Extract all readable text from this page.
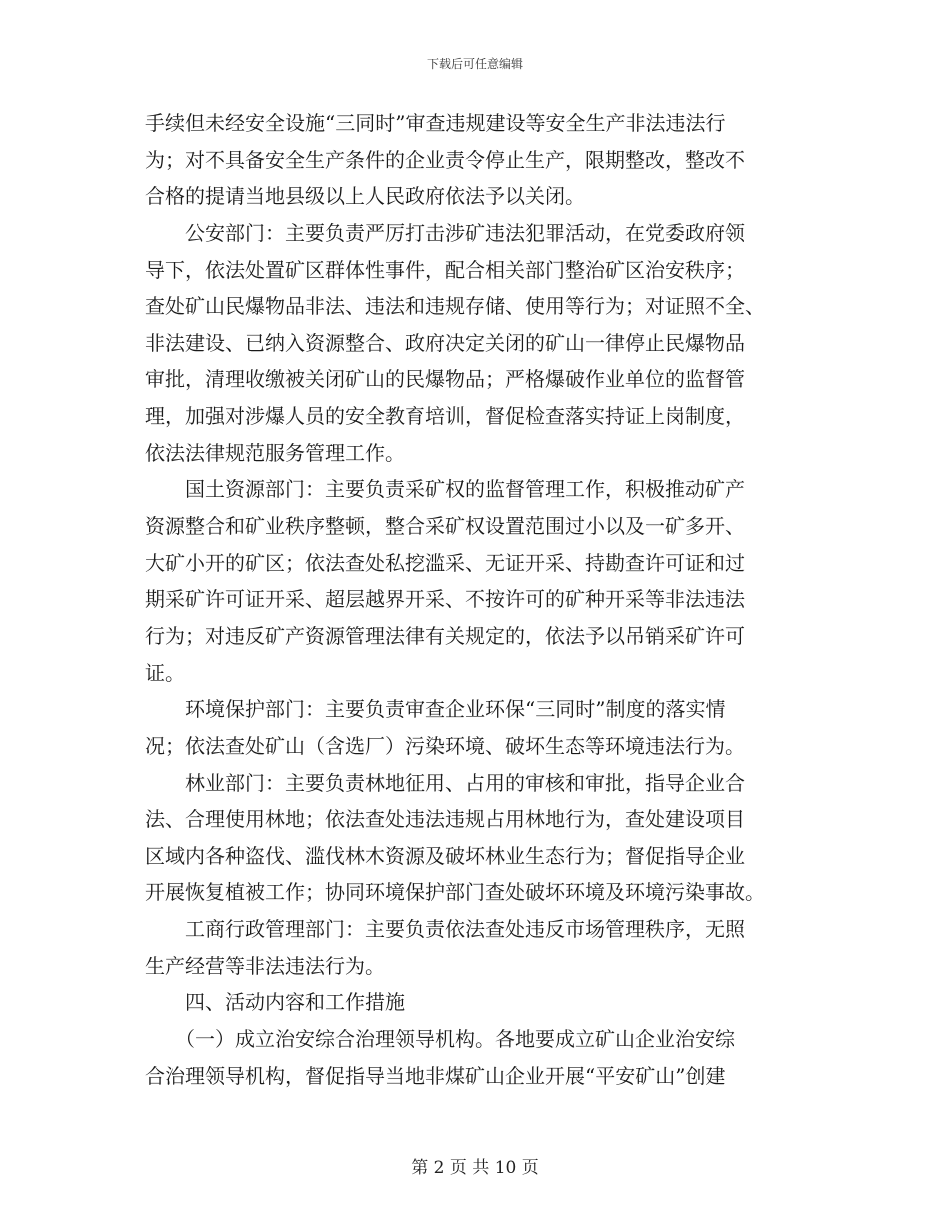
下载后可任意编辑
手续但未经安全设施“三同时”审查违规建设等安全生产非法违法行
为；对不具备安全生产条件的企业责令停止生产，限期整改，整改不
合格的提请当地县级以上人民政府依法予以关闭。
公安部门：主要负责严厉打击涉矿违法犯罪活动，在党委政府领
导下，依法处置矿区群体性事件，配合相关部门整治矿区治安秩序；
查处矿山民爆物品非法、违法和违规存储、使用等行为；对证照不全、
非法建设、已纳入资源整合、政府决定关闭的矿山一律停止民爆物品
审批，清理收缴被关闭矿山的民爆物品；严格爆破作业单位的监督管
理，加强对涉爆人员的安全教育培训，督促检查落实持证上岗制度，
依法法律规范服务管理工作。
国土资源部门：主要负责采矿权的监督管理工作，积极推动矿产
资源整合和矿业秩序整顿，整合采矿权设置范围过小以及一矿多开、
大矿小开的矿区；依法查处私挖滥采、无证开采、持勘查许可证和过
期采矿许可证开采、超层越界开采、不按许可的矿种开采等非法违法
行为；对违反矿产资源管理法律有关规定的，依法予以吊销采矿许可
证。
环境保护部门：主要负责审查企业环保“三同时”制度的落实情
况；依法查处矿山（含选厂）污染环境、破坏生态等环境违法行为。
林业部门：主要负责林地征用、占用的审核和审批，指导企业合
法、合理使用林地；依法查处违法违规占用林地行为，查处建设项目
区域内各种盗伐、滥伐林木资源及破坏林业生态行为；督促指导企业
开展恢复植被工作；协同环境保护部门查处破坏环境及环境污染事故。
工商行政管理部门：主要负责依法查处违反市场管理秩序，无照
生产经营等非法违法行为。
四、活动内容和工作措施
（一）成立治安综合治理领导机构。各地要成立矿山企业治安综
合治理领导机构，督促指导当地非煤矿山企业开展“平安矿山”创建
第 2 页 共 10 页
